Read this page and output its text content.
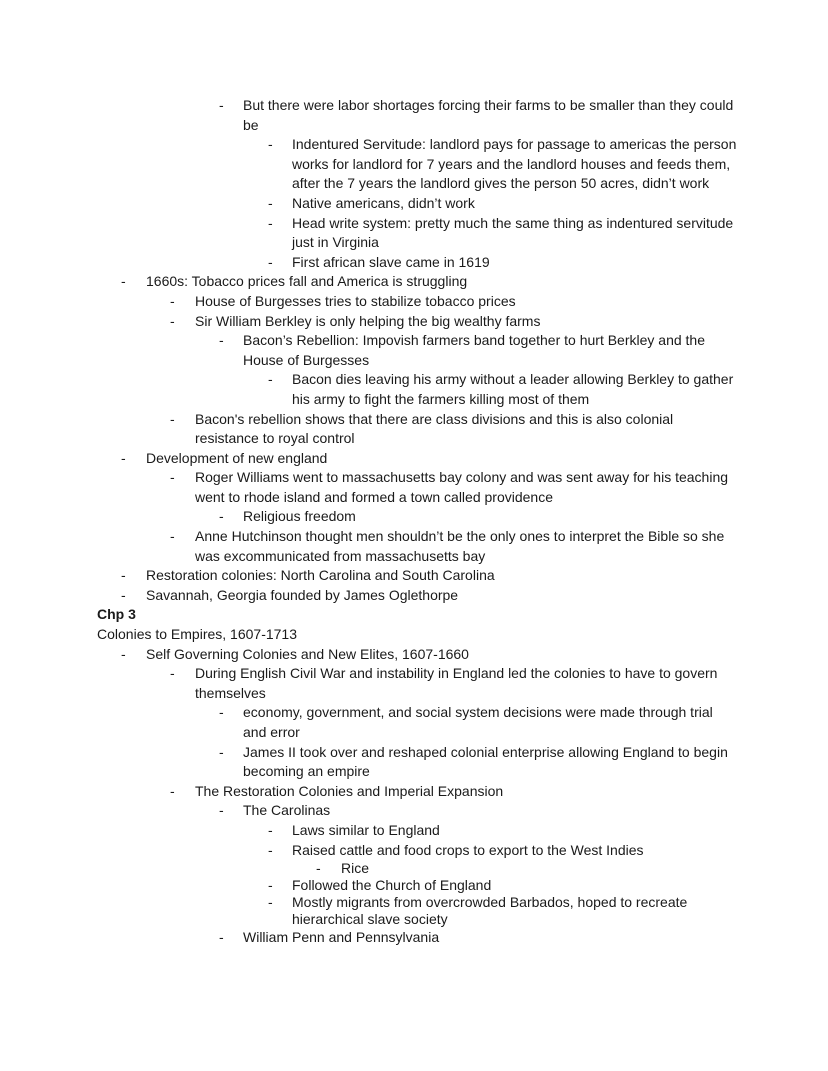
- But there were labor shortages forcing their farms to be smaller than they could be
- Indentured Servitude: landlord pays for passage to americas the person works for landlord for 7 years and the landlord houses and feeds them, after the 7 years the landlord gives the person 50 acres, didn’t work
- Native americans, didn’t work
- Head write system: pretty much the same thing as indentured servitude just in Virginia
- First african slave came in 1619
- 1660s: Tobacco prices fall and America is struggling
- House of Burgesses tries to stabilize tobacco prices
- Sir William Berkley is only helping the big wealthy farms
- Bacon’s Rebellion: Impovish farmers band together to hurt Berkley and the House of Burgesses
- Bacon dies leaving his army without a leader allowing Berkley to gather his army to fight the farmers killing most of them
- Bacon's rebellion shows that there are class divisions and this is also colonial resistance to royal control
- Development of new england
- Roger Williams went to massachusetts bay colony and was sent away for his teaching went to rhode island and formed a town called providence
- Religious freedom
- Anne Hutchinson thought men shouldn’t be the only ones to interpret the Bible so she was excommunicated from massachusetts bay
- Restoration colonies: North Carolina and South Carolina
- Savannah, Georgia founded by James Oglethorpe
Chp 3
Colonies to Empires, 1607-1713
- Self Governing Colonies and New Elites, 1607-1660
- During English Civil War and instability in England led the colonies to have to govern themselves
- economy, government, and social system decisions were made through trial and error
- James II took over and reshaped colonial enterprise allowing England to begin becoming an empire
- The Restoration Colonies and Imperial Expansion
- The Carolinas
- Laws similar to England
- Raised cattle and food crops to export to the West Indies
- Rice
- Followed the Church of England
- Mostly migrants from overcrowded Barbados, hoped to recreate hierarchical slave society
- William Penn and Pennsylvania
